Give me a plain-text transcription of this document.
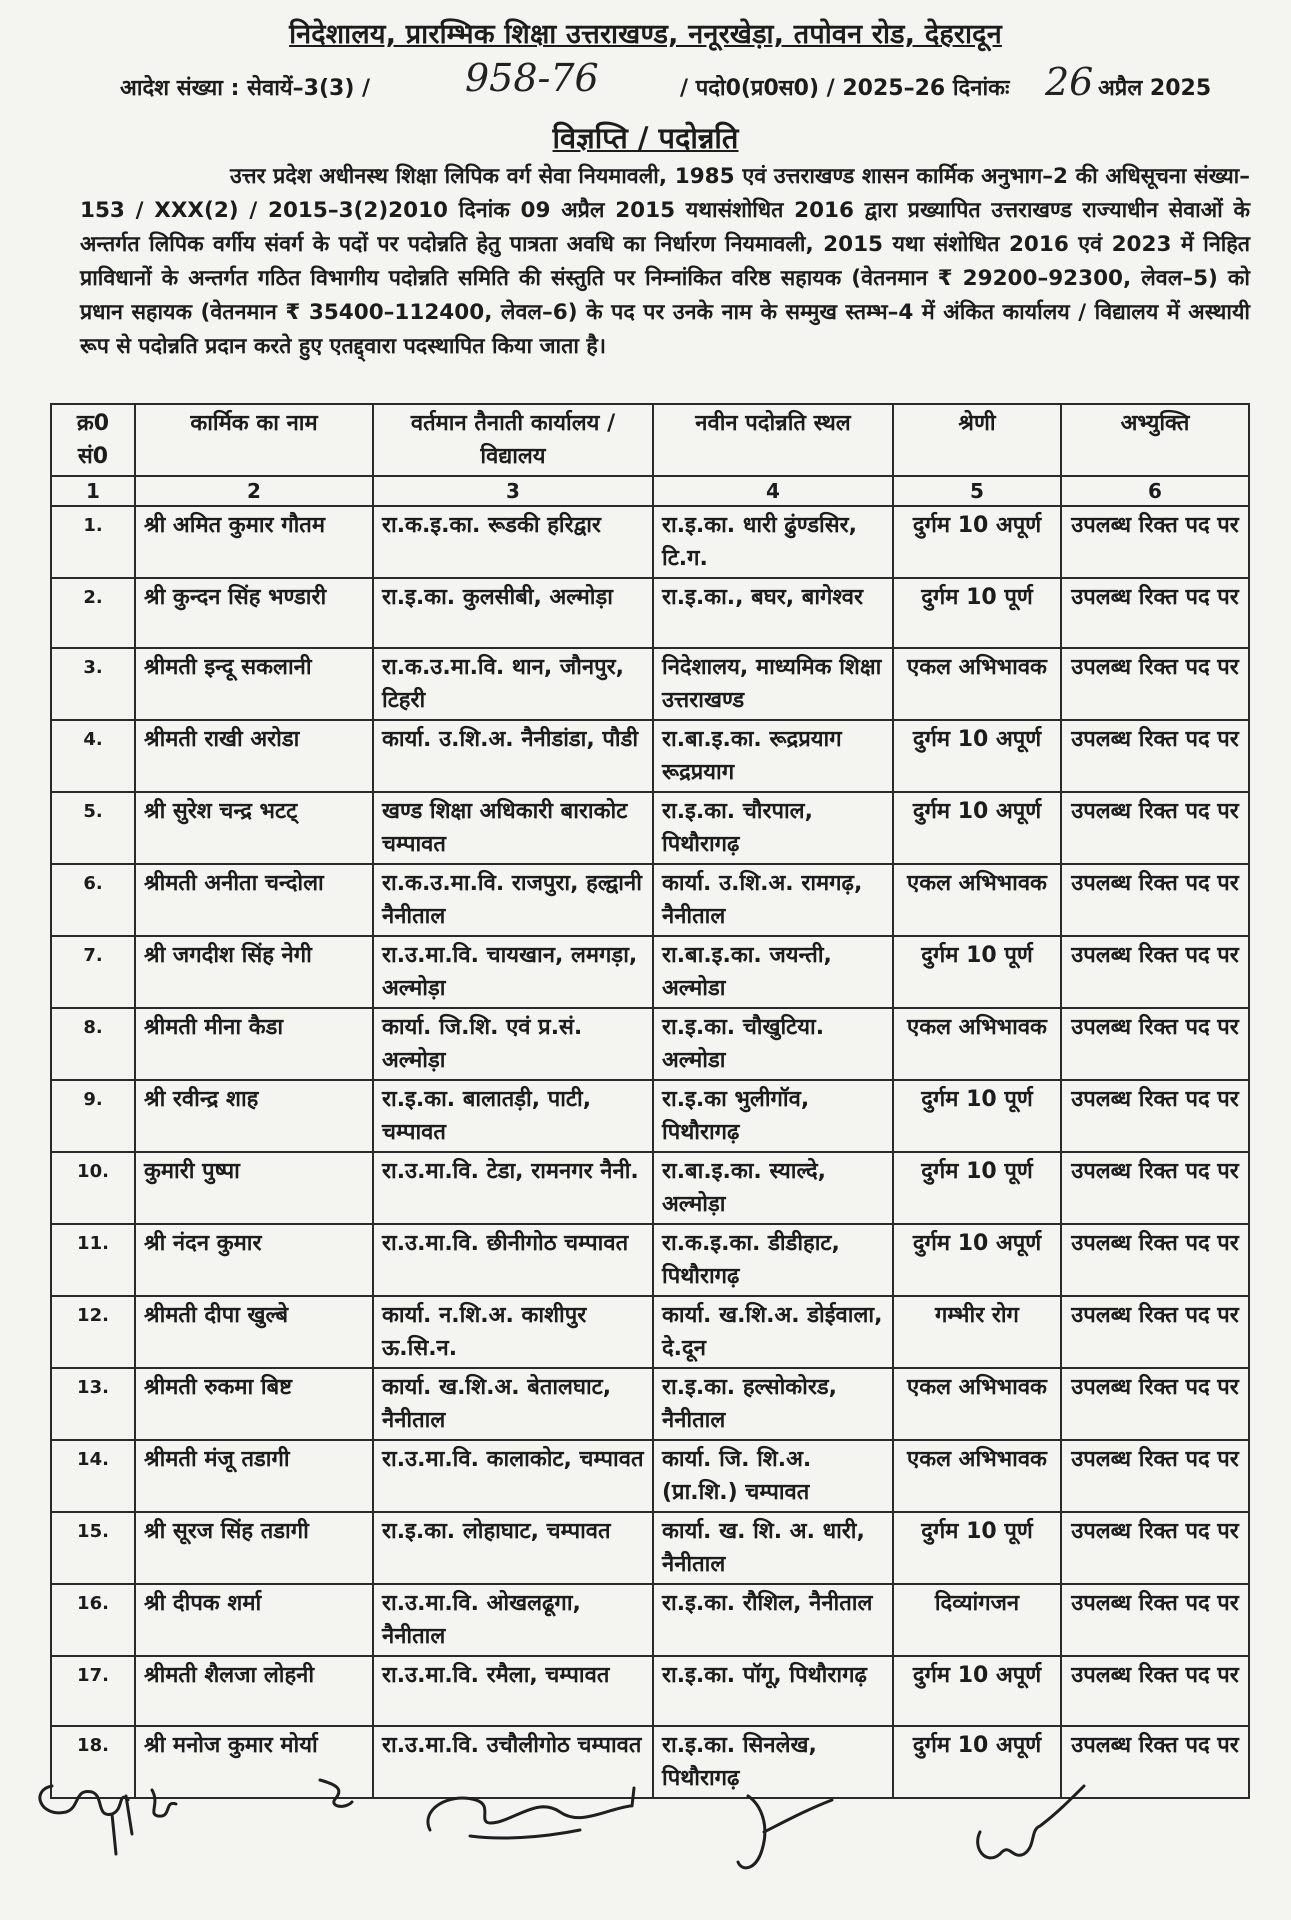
निदेशालय, प्रारम्भिक शिक्षा उत्तराखण्ड, ननूरखेड़ा, तपोवन रोड, देहरादून
आदेश संख्या : सेवायें–3(3) / 958-76	/ पदो0(प्र0स0) / 2025–26 दिनांकः 26 अप्रैल 2025
विज्ञप्ति / पदोन्नति
उत्तर प्रदेश अधीनस्थ शिक्षा लिपिक वर्ग सेवा नियमावली, 1985 एवं उत्तराखण्ड शासन कार्मिक अनुभाग–2 की अधिसूचना संख्या–153 / XXX(2) / 2015–3(2)2010 दिनांक 09 अप्रैल 2015 यथासंशोधित 2016 द्वारा प्रख्यापित उत्तराखण्ड राज्याधीन सेवाओं के अन्तर्गत लिपिक वर्गीय संवर्ग के पदों पर पदोन्नति हेतु पात्रता अवधि का निर्धारण नियमावली, 2015 यथा संशोधित 2016 एवं 2023 में निहित प्राविधानों के अन्तर्गत गठित विभागीय पदोन्नति समिति की संस्तुति पर निम्नांकित वरिष्ठ सहायक (वेतनमान ₹ 29200–92300, लेवल–5) को प्रधान सहायक (वेतनमान ₹ 35400–112400, लेवल–6) के पद पर उनके नाम के सम्मुख स्तम्भ–4 में अंकित कार्यालय / विद्यालय में अस्थायी रूप से पदोन्नति प्रदान करते हुए एतद्द्वारा पदस्थापित किया जाता है।
क्र0 सं0	कार्मिक का नाम	वर्तमान तैनाती कार्यालय / विद्यालय	नवीन पदोन्नति स्थल	श्रेणी	अभ्युक्ति
1	2	3	4	5	6
1.	श्री अमित कुमार गौतम	रा.क.इ.का. रूडकी हरिद्वार	रा.इ.का. धारी ढुंण्डसिर, टि.ग.	दुर्गम 10 अपूर्ण	उपलब्ध रिक्त पद पर
2.	श्री कुन्दन सिंह भण्डारी	रा.इ.का. कुलसीबी, अल्मोड़ा	रा.इ.का., बघर, बागेश्वर	दुर्गम 10 पूर्ण	उपलब्ध रिक्त पद पर
3.	श्रीमती इन्दू सकलानी	रा.क.उ.मा.वि. थान, जौनपुर, टिहरी	निदेशालय, माध्यमिक शिक्षा उत्तराखण्ड	एकल अभिभावक	उपलब्ध रिक्त पद पर
4.	श्रीमती राखी अरोडा	कार्या. उ.शि.अ. नैनीडांडा, पौडी	रा.बा.इ.का. रूद्रप्रयाग रूद्रप्रयाग	दुर्गम 10 अपूर्ण	उपलब्ध रिक्त पद पर
5.	श्री सुरेश चन्द्र भटट्	खण्ड शिक्षा अधिकारी बाराकोट चम्पावत	रा.इ.का. चौरपाल, पिथौरागढ़	दुर्गम 10 अपूर्ण	उपलब्ध रिक्त पद पर
6.	श्रीमती अनीता चन्दोला	रा.क.उ.मा.वि. राजपुरा, हल्द्वानी नैनीताल	कार्या. उ.शि.अ. रामगढ़, नैनीताल	एकल अभिभावक	उपलब्ध रिक्त पद पर
7.	श्री जगदीश सिंह नेगी	रा.उ.मा.वि. चायखान, लमगड़ा, अल्मोड़ा	रा.बा.इ.का. जयन्ती, अल्मोडा	दुर्गम 10 पूर्ण	उपलब्ध रिक्त पद पर
8.	श्रीमती मीना कैडा	कार्या. जि.शि. एवं प्र.सं. अल्मोड़ा	रा.इ.का. चौखुटिया. अल्मोडा	एकल अभिभावक	उपलब्ध रिक्त पद पर
9.	श्री रवीन्द्र शाह	रा.इ.का. बालातड़ी, पाटी, चम्पावत	रा.इ.का भुलीगॉव, पिथौरागढ़	दुर्गम 10 पूर्ण	उपलब्ध रिक्त पद पर
10.	कुमारी पुष्पा	रा.उ.मा.वि. टेडा, रामनगर नैनी.	रा.बा.इ.का. स्याल्दे, अल्मोड़ा	दुर्गम 10 पूर्ण	उपलब्ध रिक्त पद पर
11.	श्री नंदन कुमार	रा.उ.मा.वि. छीनीगोठ चम्पावत	रा.क.इ.का. डीडीहाट, पिथौरागढ़	दुर्गम 10 अपूर्ण	उपलब्ध रिक्त पद पर
12.	श्रीमती दीपा खुल्बे	कार्या. न.शि.अ. काशीपुर ऊ.सि.न.	कार्या. ख.शि.अ. डोईवाला, दे.दून	गम्भीर रोग	उपलब्ध रिक्त पद पर
13.	श्रीमती रुकमा बिष्ट	कार्या. ख.शि.अ. बेतालघाट, नैनीताल	रा.इ.का. हल्सोकोरड, नैनीताल	एकल अभिभावक	उपलब्ध रिक्त पद पर
14.	श्रीमती मंजू तडागी	रा.उ.मा.वि. कालाकोट, चम्पावत	कार्या. जि. शि.अ. (प्रा.शि.) चम्पावत	एकल अभिभावक	उपलब्ध रिक्त पद पर
15.	श्री सूरज सिंह तडागी	रा.इ.का. लोहाघाट, चम्पावत	कार्या. ख. शि. अ. धारी, नैनीताल	दुर्गम 10 पूर्ण	उपलब्ध रिक्त पद पर
16.	श्री दीपक शर्मा	रा.उ.मा.वि. ओखलढूगा, नैनीताल	रा.इ.का. रौशिल, नैनीताल	दिव्यांगजन	उपलब्ध रिक्त पद पर
17.	श्रीमती शैलजा लोहनी	रा.उ.मा.वि. रमैला, चम्पावत	रा.इ.का. पॉगू, पिथौरागढ़	दुर्गम 10 अपूर्ण	उपलब्ध रिक्त पद पर
18.	श्री मनोज कुमार मोर्या	रा.उ.मा.वि. उचौलीगोठ चम्पावत	रा.इ.का. सिनलेख, पिथौरागढ़	दुर्गम 10 अपूर्ण	उपलब्ध रिक्त पद पर
